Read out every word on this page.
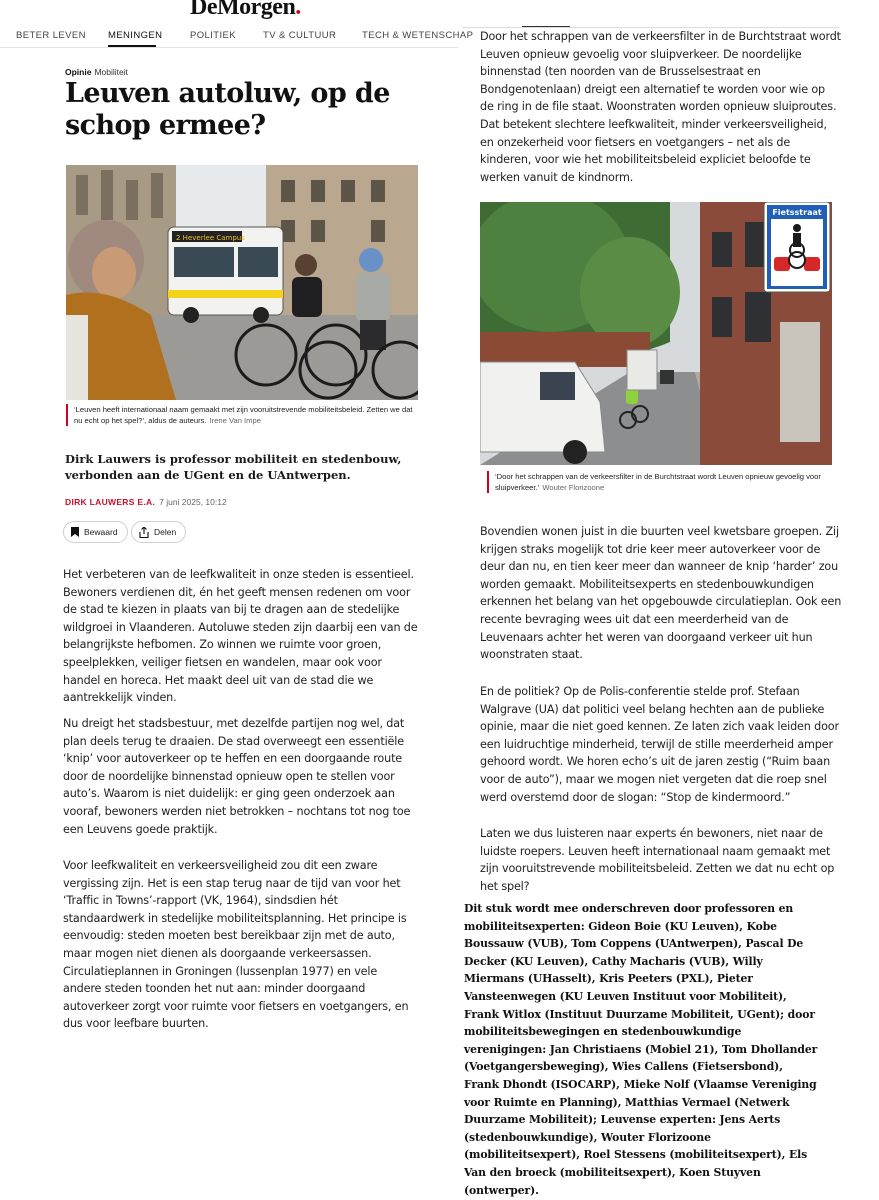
DeMorgen.
BETER LEVEN MENINGEN	POLITIEK	TV & CULTUUR	TECH & WETENSCHAP
Opinie Mobiliteit
Leuven autoluw, op de schop ermee?
2 Heverlee Campus
‘Leuven heeft internationaal naam gemaakt met zijn vooruitstrevende mobiliteitsbeleid. Zetten we dat nu echt op het spel?’, aldus de auteurs. Irene Van Impe

Dirk Lauwers is professor mobiliteit en stedenbouw, verbonden aan de UGent en de UAntwerpen.

DIRK LAUWERS E.A. 7 juni 2025, 10:12
Bewaard	Delen

Het verbeteren van de leefkwaliteit in onze steden is essentieel. Bewoners verdienen dit, én het geeft mensen redenen om voor de stad te kiezen in plaats van bij te dragen aan de stedelijke wildgroei in Vlaanderen. Autoluwe steden zijn daarbij een van de belangrijkste hefbomen. Zo winnen we ruimte voor groen, speelplekken, veiliger fietsen en wandelen, maar ook voor handel en horeca. Het maakt deel uit van de stad die we aantrekkelijk vinden.

Nu dreigt het stadsbestuur, met dezelfde partijen nog wel, dat plan deels terug te draaien. De stad overweegt een essentiële ‘knip’ voor autoverkeer op te heffen en een doorgaande route door de noordelijke binnenstad opnieuw open te stellen voor auto’s. Waarom is niet duidelijk: er ging geen onderzoek aan vooraf, bewoners werden niet betrokken – nochtans tot nog toe een Leuvens goede praktijk.

Voor leefkwaliteit en verkeersveiligheid zou dit een zware vergissing zijn. Het is een stap terug naar de tijd van voor het ‘Traffic in Towns’-rapport (VK, 1964), sindsdien hét standaardwerk in stedelijke mobiliteitsplanning. Het principe is eenvoudig: steden moeten best bereikbaar zijn met de auto, maar mogen niet dienen als doorgaande verkeersassen. Circulatieplannen in Groningen (lussenplan 1977) en vele andere steden toonden het nut aan: minder doorgaand autoverkeer zorgt voor ruimte voor fietsers en voetgangers, en dus voor leefbare buurten.

Door het schrappen van de verkeersfilter in de Burchtstraat wordt Leuven opnieuw gevoelig voor sluipverkeer. De noordelijke binnenstad (ten noorden van de Brusselsestraat en Bondgenotenlaan) dreigt een alternatief te worden voor wie op de ring in de file staat. Woonstraten worden opnieuw sluiproutes. Dat betekent slechtere leefkwaliteit, minder verkeersveiligheid, en onzekerheid voor fietsers en voetgangers – net als de kinderen, voor wie het mobiliteitsbeleid expliciet beloofde te werken vanuit de kindnorm.

Fietsstraat
‘Door het schrappen van de verkeersfilter in de Burchtstraat wordt Leuven opnieuw gevoelig voor sluipverkeer.’ Wouter Florizoone

Bovendien wonen juist in die buurten veel kwetsbare groepen. Zij krijgen straks mogelijk tot drie keer meer autoverkeer voor de deur dan nu, en tien keer meer dan wanneer de knip ‘harder’ zou worden gemaakt. Mobiliteitsexperts en stedenbouwkundigen erkennen het belang van het opgebouwde circulatieplan. Ook een recente bevraging wees uit dat een meerderheid van de Leuvenaars achter het weren van doorgaand verkeer uit hun woonstraten staat.

En de politiek? Op de Polis-conferentie stelde prof. Stefaan Walgrave (UA) dat politici veel belang hechten aan de publieke opinie, maar die niet goed kennen. Ze laten zich vaak leiden door een luidruchtige minderheid, terwijl de stille meerderheid amper gehoord wordt. We horen echo’s uit de jaren zestig (“Ruim baan voor de auto”), maar we mogen niet vergeten dat die roep snel werd overstemd door de slogan: “Stop de kindermoord.”

Laten we dus luisteren naar experts én bewoners, niet naar de luidste roepers. Leuven heeft internationaal naam gemaakt met zijn vooruitstrevende mobiliteitsbeleid. Zetten we dat nu echt op het spel?

Dit stuk wordt mee onderschreven door professoren en mobiliteitsexperten: Gideon Boie (KU Leuven), Kobe Boussauw (VUB), Tom Coppens (UAntwerpen), Pascal De Decker (KU Leuven), Cathy Macharis (VUB), Willy Miermans (UHasselt), Kris Peeters (PXL), Pieter Vansteenwegen (KU Leuven Instituut voor Mobiliteit), Frank Witlox (Instituut Duurzame Mobiliteit, UGent); door mobiliteitsbewegingen en stedenbouwkundige verenigingen: Jan Christiaens (Mobiel 21), Tom Dhollander (Voetgangersbeweging), Wies Callens (Fietsersbond), Frank Dhondt (ISOCARP), Mieke Nolf (Vlaamse Vereniging voor Ruimte en Planning), Matthias Vermael (Netwerk Duurzame Mobiliteit); Leuvense experten: Jens Aerts (stedenbouwkundige), Wouter Florizoone (mobiliteitsexpert), Roel Stessens (mobiliteitsexpert), Els Van den broeck (mobiliteitsexpert), Koen Stuyven (ontwerper).
